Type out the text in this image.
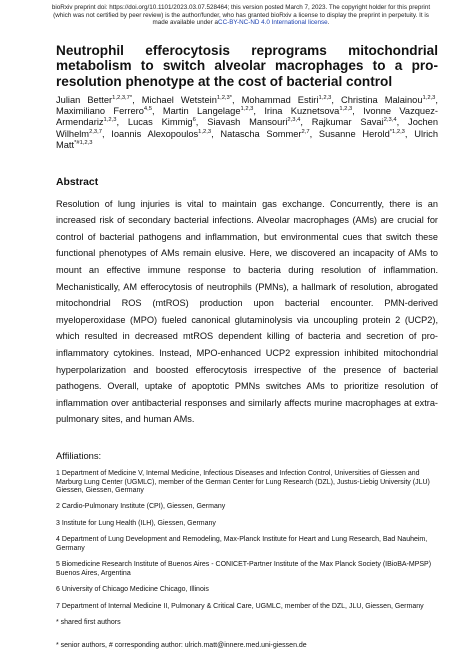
bioRxiv preprint doi: https://doi.org/10.1101/2023.03.07.528464; this version posted March 7, 2023. The copyright holder for this preprint
(which was not certified by peer review) is the author/funder, who has granted bioRxiv a license to display the preprint in perpetuity. It is
made available under aCC-BY-NC-ND 4.0 International license.
Neutrophil efferocytosis reprograms mitochondrial metabolism to switch alveolar macrophages to a pro-resolution phenotype at the cost of bacterial control
Julian Better$^{1,2,3,7*}$, Michael Wetstein$^{1,2,3*}$, Mohammad Estiri$^{1,2,3}$, Christina Malainou$^{1,2,3}$, Maximiliano Ferrero$^{4,5}$, Martin Langelage$^{1,2,3}$, Irina Kuznetsova$^{1,2,3}$, Ivonne Vazquez-Armendariz$^{1,2,3}$, Lucas Kimmig$^6$, Siavash Mansouri$^{2,3,4}$, Rajkumar Savai$^{2,3,4}$, Jochen Wilhelm$^{2,3,7}$, Ioannis Alexopoulos$^{1,2,3}$, Natascha Sommer$^{2,7}$, Susanne Herold$^{*1,2,3}$, Ulrich Matt$^{*\#1,2,3}$
Abstract
Resolution of lung injuries is vital to maintain gas exchange. Concurrently, there is an increased risk of secondary bacterial infections. Alveolar macrophages (AMs) are crucial for control of bacterial pathogens and inflammation, but environmental cues that switch these functional phenotypes of AMs remain elusive. Here, we discovered an incapacity of AMs to mount an effective immune response to bacteria during resolution of inflammation. Mechanistically, AM efferocytosis of neutrophils (PMNs), a hallmark of resolution, abrogated mitochondrial ROS (mtROS) production upon bacterial encounter. PMN-derived myeloperoxidase (MPO) fueled canonical glutaminolysis via uncoupling protein 2 (UCP2), which resulted in decreased mtROS dependent killing of bacteria and secretion of pro-inflammatory cytokines. Instead, MPO-enhanced UCP2 expression inhibited mitochondrial hyperpolarization and boosted efferocytosis irrespective of the presence of bacterial pathogens. Overall, uptake of apoptotic PMNs switches AMs to prioritize resolution of inflammation over antibacterial responses and similarly affects murine macrophages at extra-pulmonary sites, and human AMs.
Affiliations:
1 Department of Medicine V, Internal Medicine, Infectious Diseases and Infection Control, Universities of Giessen and Marburg Lung Center (UGMLC), member of the German Center for Lung Research (DZL), Justus-Liebig University (JLU) Giessen, Giessen, Germany
2 Cardio-Pulmonary Institute (CPI), Giessen, Germany
3 Institute for Lung Health (ILH), Giessen, Germany
4 Department of Lung Development and Remodeling, Max-Planck Institute for Heart and Lung Research, Bad Nauheim, Germany
5 Biomedicine Research Institute of Buenos Aires - CONICET-Partner Institute of the Max Planck Society (IBioBA-MPSP) Buenos Aires, Argentina
6 University of Chicago Medicine Chicago, Illinois
7 Department of Internal Medicine II, Pulmonary & Critical Care, UGMLC, member of the DZL, JLU, Giessen, Germany
* shared first authors
* senior authors, # corresponding author: ulrich.matt@innere.med.uni-giessen.de
